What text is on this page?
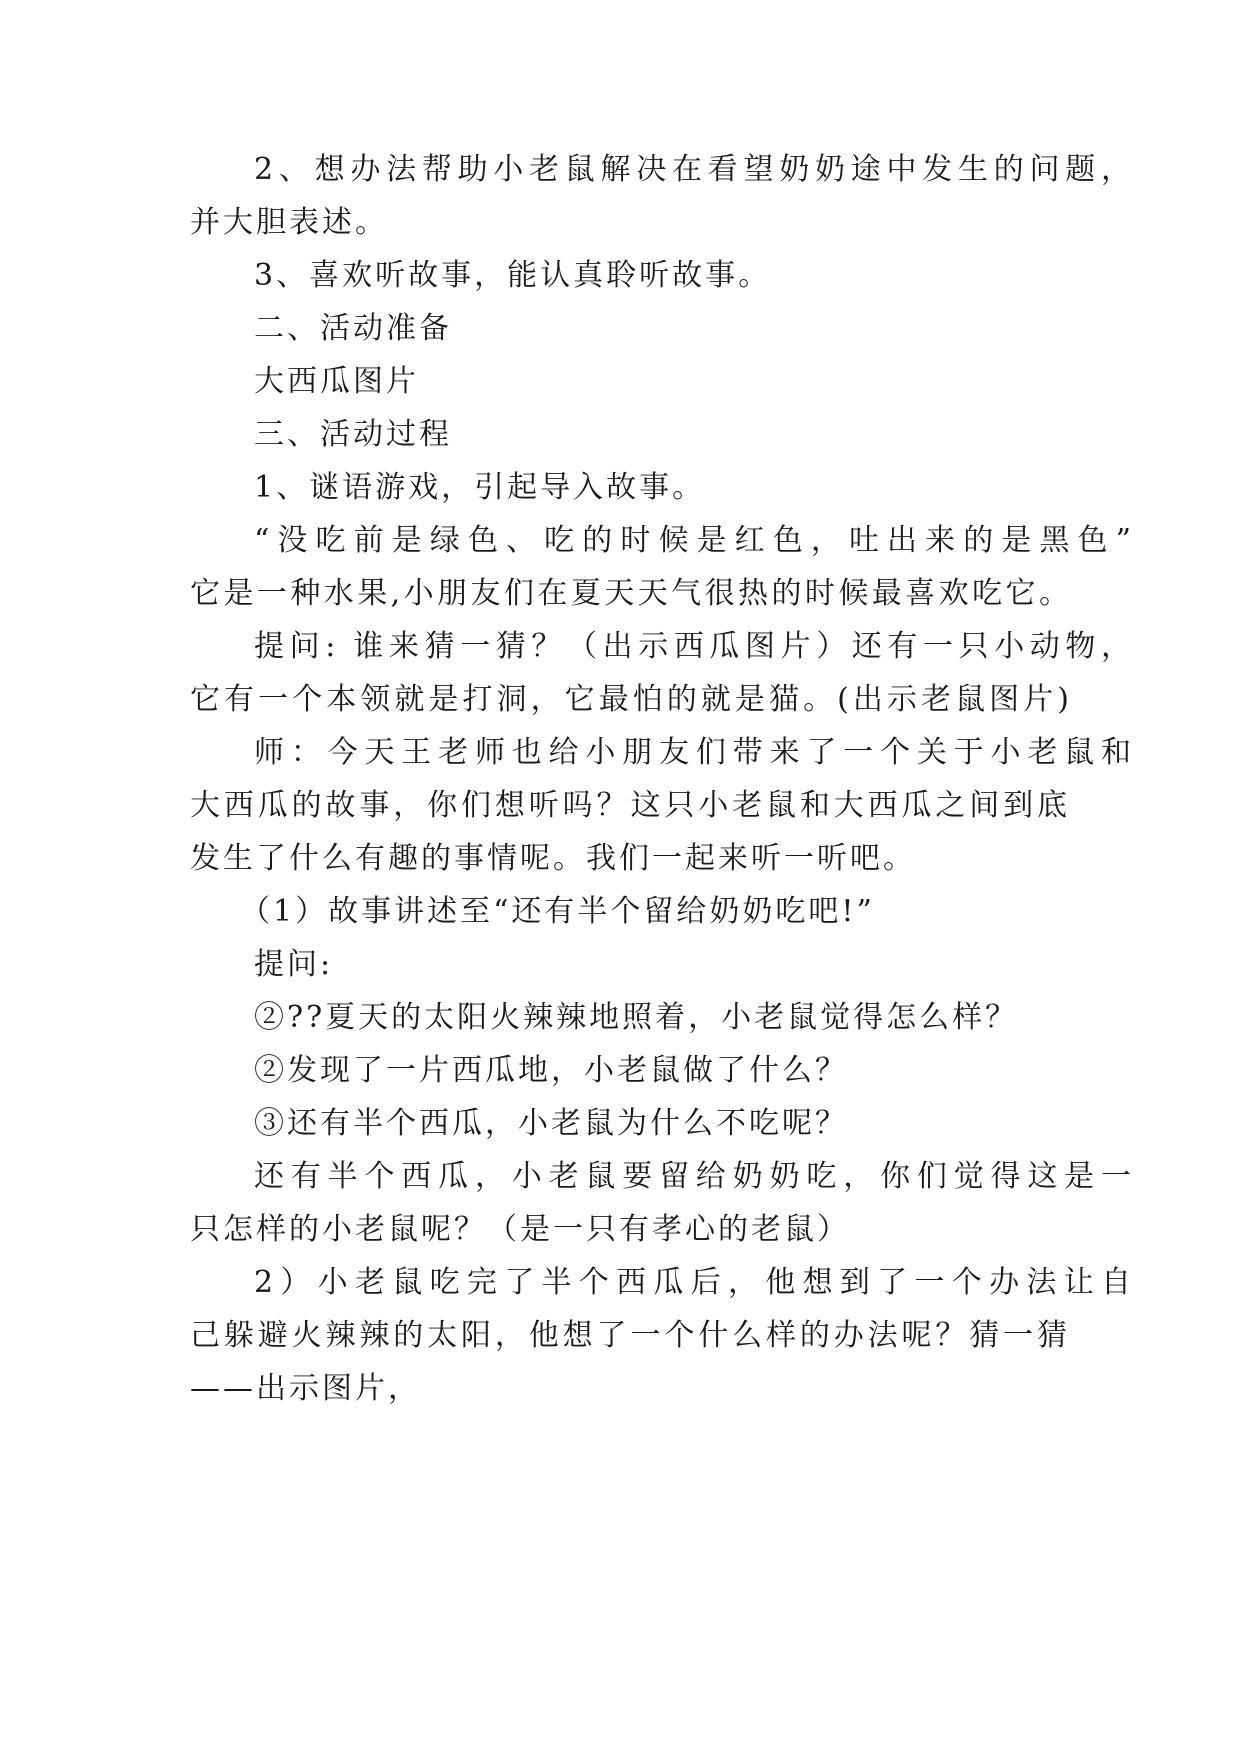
2、想办法帮助小老鼠解决在看望奶奶途中发生的问题，
并大胆表述。
3、喜欢听故事，能认真聆听故事。
二、活动准备
大西瓜图片
三、活动过程
1、谜语游戏，引起导入故事。
“没吃前是绿色、吃的时候是红色，吐出来的是黑色”
它是一种水果,小朋友们在夏天天气很热的时候最喜欢吃它。
提问: 谁来猜一猜？（出示西瓜图片）还有一只小动物，
它有一个本领就是打洞，它最怕的就是猫。(出示老鼠图片)
师：今天王老师也给小朋友们带来了一个关于小老鼠和
大西瓜的故事，你们想听吗？这只小老鼠和大西瓜之间到底
发生了什么有趣的事情呢。我们一起来听一听吧。
（1）故事讲述至“还有半个留给奶奶吃吧!”
提问:
②??夏天的太阳火辣辣地照着，小老鼠觉得怎么样？
②发现了一片西瓜地，小老鼠做了什么？
③还有半个西瓜，小老鼠为什么不吃呢？
还有半个西瓜，小老鼠要留给奶奶吃，你们觉得这是一
只怎样的小老鼠呢？（是一只有孝心的老鼠）
2）小老鼠吃完了半个西瓜后，他想到了一个办法让自
己躲避火辣辣的太阳，他想了一个什么样的办法呢？猜一猜
——出示图片，
